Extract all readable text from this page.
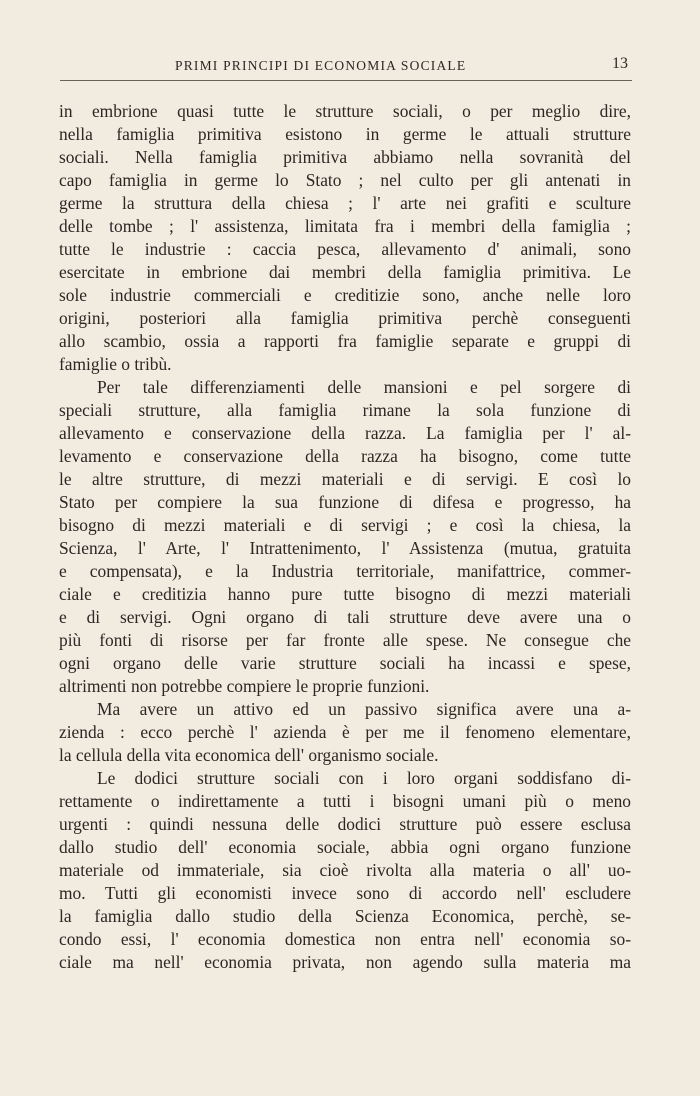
PRIMI PRINCIPI DI ECONOMIA SOCIALE	13
in embrione quasi tutte le strutture sociali, o per meglio dire,
nella famiglia primitiva esistono in germe le attuali strutture
sociali. Nella famiglia primitiva abbiamo nella sovranità del
capo famiglia in germe lo Stato ; nel culto per gli antenati in
germe la struttura della chiesa ; l' arte nei grafiti e sculture
delle tombe ; l' assistenza, limitata fra i membri della famiglia ;
tutte le industrie : caccia pesca, allevamento d' animali, sono
esercitate in embrione dai membri della famiglia primitiva. Le
sole industrie commerciali e creditizie sono, anche nelle loro
origini, posteriori alla famiglia primitiva perchè conseguenti
allo scambio, ossia a rapporti fra famiglie separate e gruppi di
famiglie o tribù.
Per tale differenziamenti delle mansioni e pel sorgere di
speciali strutture, alla famiglia rimane la sola funzione di
allevamento e conservazione della razza. La famiglia per l' al-
levamento e conservazione della razza ha bisogno, come tutte
le altre strutture, di mezzi materiali e di servigi. E così lo
Stato per compiere la sua funzione di difesa e progresso, ha
bisogno di mezzi materiali e di servigi ; e così la chiesa, la
Scienza, l' Arte, l' Intrattenimento, l' Assistenza (mutua, gratuita
e compensata), e la Industria territoriale, manifattrice, commer-
ciale e creditizia hanno pure tutte bisogno di mezzi materiali
e di servigi. Ogni organo di tali strutture deve avere una o
più fonti di risorse per far fronte alle spese. Ne consegue che
ogni organo delle varie strutture sociali ha incassi e spese,
altrimenti non potrebbe compiere le proprie funzioni.
Ma avere un attivo ed un passivo significa avere una a-
zienda : ecco perchè l' azienda è per me il fenomeno elementare,
la cellula della vita economica dell' organismo sociale.
Le dodici strutture sociali con i loro organi soddisfano di-
rettamente o indirettamente a tutti i bisogni umani più o meno
urgenti : quindi nessuna delle dodici strutture può essere esclusa
dallo studio dell' economia sociale, abbia ogni organo funzione
materiale od immateriale, sia cioè rivolta alla materia o all' uo-
mo. Tutti gli economisti invece sono di accordo nell' escludere
la famiglia dallo studio della Scienza Economica, perchè, se-
condo essi, l' economia domestica non entra nell' economia so-
ciale ma nell' economia privata, non agendo sulla materia ma
